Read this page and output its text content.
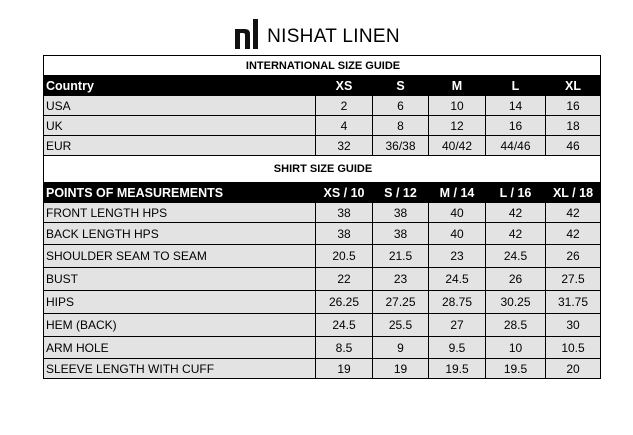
NISHAT LINEN
INTERNATIONAL SIZE GUIDE					
Country	XS	S	M	L	XL
USA	2	6	10	14	16
UK	4	8	12	16	18
EUR	32	36/38	40/42	44/46	46
SHIRT SIZE GUIDE					
POINTS OF MEASUREMENTS	XS / 10	S / 12	M / 14	L / 16	XL / 18
FRONT LENGTH HPS	38	38	40	42	42
BACK LENGTH HPS	38	38	40	42	42
SHOULDER SEAM TO SEAM	20.5	21.5	23	24.5	26
BUST	22	23	24.5	26	27.5
HIPS	26.25	27.25	28.75	30.25	31.75
HEM (BACK)	24.5	25.5	27	28.5	30
ARM HOLE	8.5	9	9.5	10	10.5
SLEEVE LENGTH WITH CUFF	19	19	19.5	19.5	20
